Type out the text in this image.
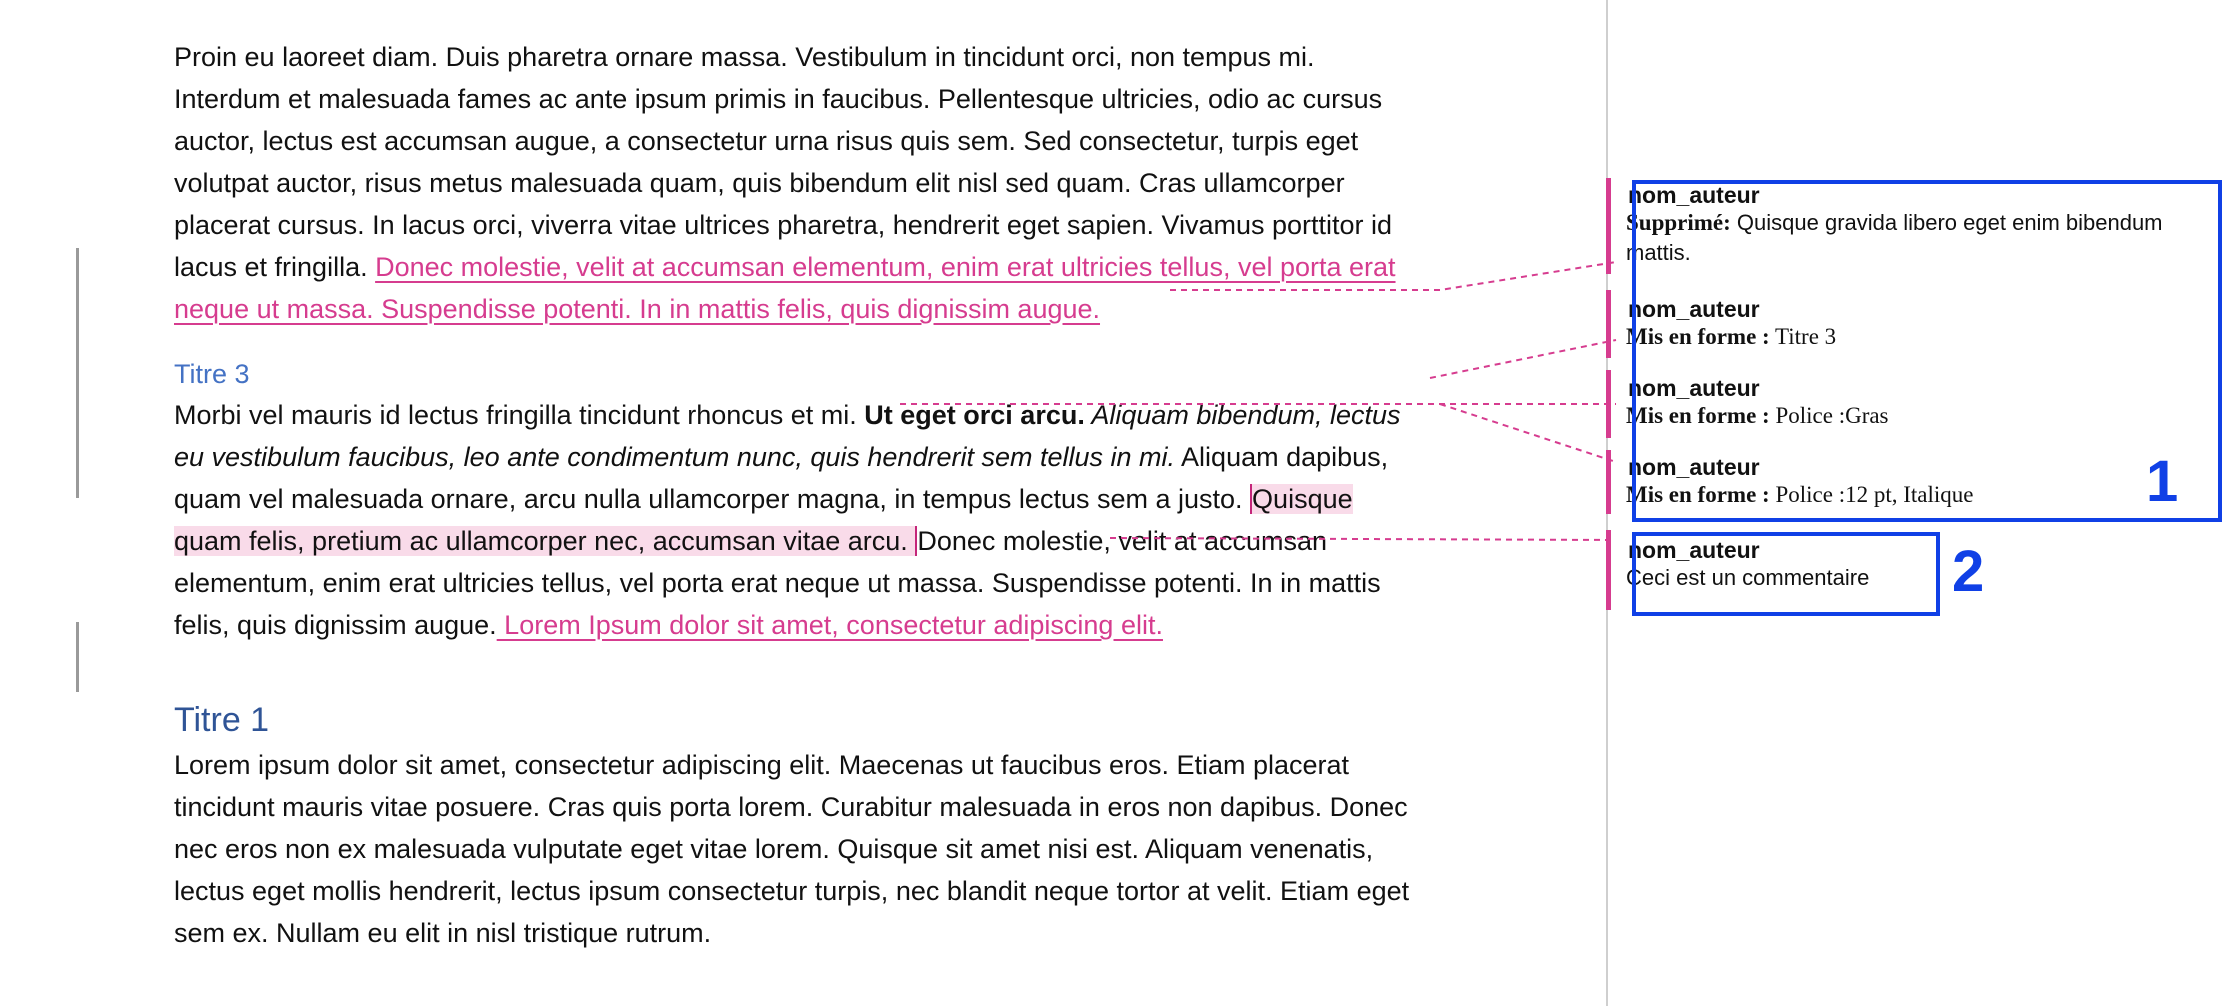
Proin eu laoreet diam. Duis pharetra ornare massa. Vestibulum in tincidunt orci, non tempus mi. Interdum et malesuada fames ac ante ipsum primis in faucibus. Pellentesque ultricies, odio ac cursus auctor, lectus est accumsan augue, a consectetur urna risus quis sem. Sed consectetur, turpis eget volutpat auctor, risus metus malesuada quam, quis bibendum elit nisl sed quam. Cras ullamcorper placerat cursus. In lacus orci, viverra vitae ultrices pharetra, hendrerit eget sapien. Vivamus porttitor id lacus et fringilla. Donec molestie, velit at accumsan elementum, enim erat ultricies tellus, vel porta erat neque ut massa. Suspendisse potenti. In in mattis felis, quis dignissim augue.

Titre 3

Morbi vel mauris id lectus fringilla tincidunt rhoncus et mi. Ut eget orci arcu. Aliquam bibendum, lectus eu vestibulum faucibus, leo ante condimentum nunc, quis hendrerit sem tellus in mi. Aliquam dapibus, quam vel malesuada ornare, arcu nulla ullamcorper magna, in tempus lectus sem a justo. Quisque quam felis, pretium ac ullamcorper nec, accumsan vitae arcu. Donec molestie, velit at accumsan elementum, enim erat ultricies tellus, vel porta erat neque ut massa. Suspendisse potenti. In in mattis felis, quis dignissim augue. Lorem Ipsum dolor sit amet, consectetur adipiscing elit.

Titre 1

Lorem ipsum dolor sit amet, consectetur adipiscing elit. Maecenas ut faucibus eros. Etiam placerat tincidunt mauris vitae posuere. Cras quis porta lorem. Curabitur malesuada in eros non dapibus. Donec nec eros non ex malesuada vulputate eget vitae lorem. Quisque sit amet nisi est. Aliquam venenatis, lectus eget mollis hendrerit, lectus ipsum consectetur turpis, nec blandit neque tortor at velit. Etiam eget sem ex. Nullam eu elit in nisl tristique rutrum.

nom_auteur
Supprimé: Quisque gravida libero eget enim bibendum mattis.
nom_auteur
Mis en forme : Titre 3
nom_auteur
Mis en forme : Police :Gras
nom_auteur
Mis en forme : Police :12 pt, Italique
nom_auteur
Ceci est un commentaire
1
2
